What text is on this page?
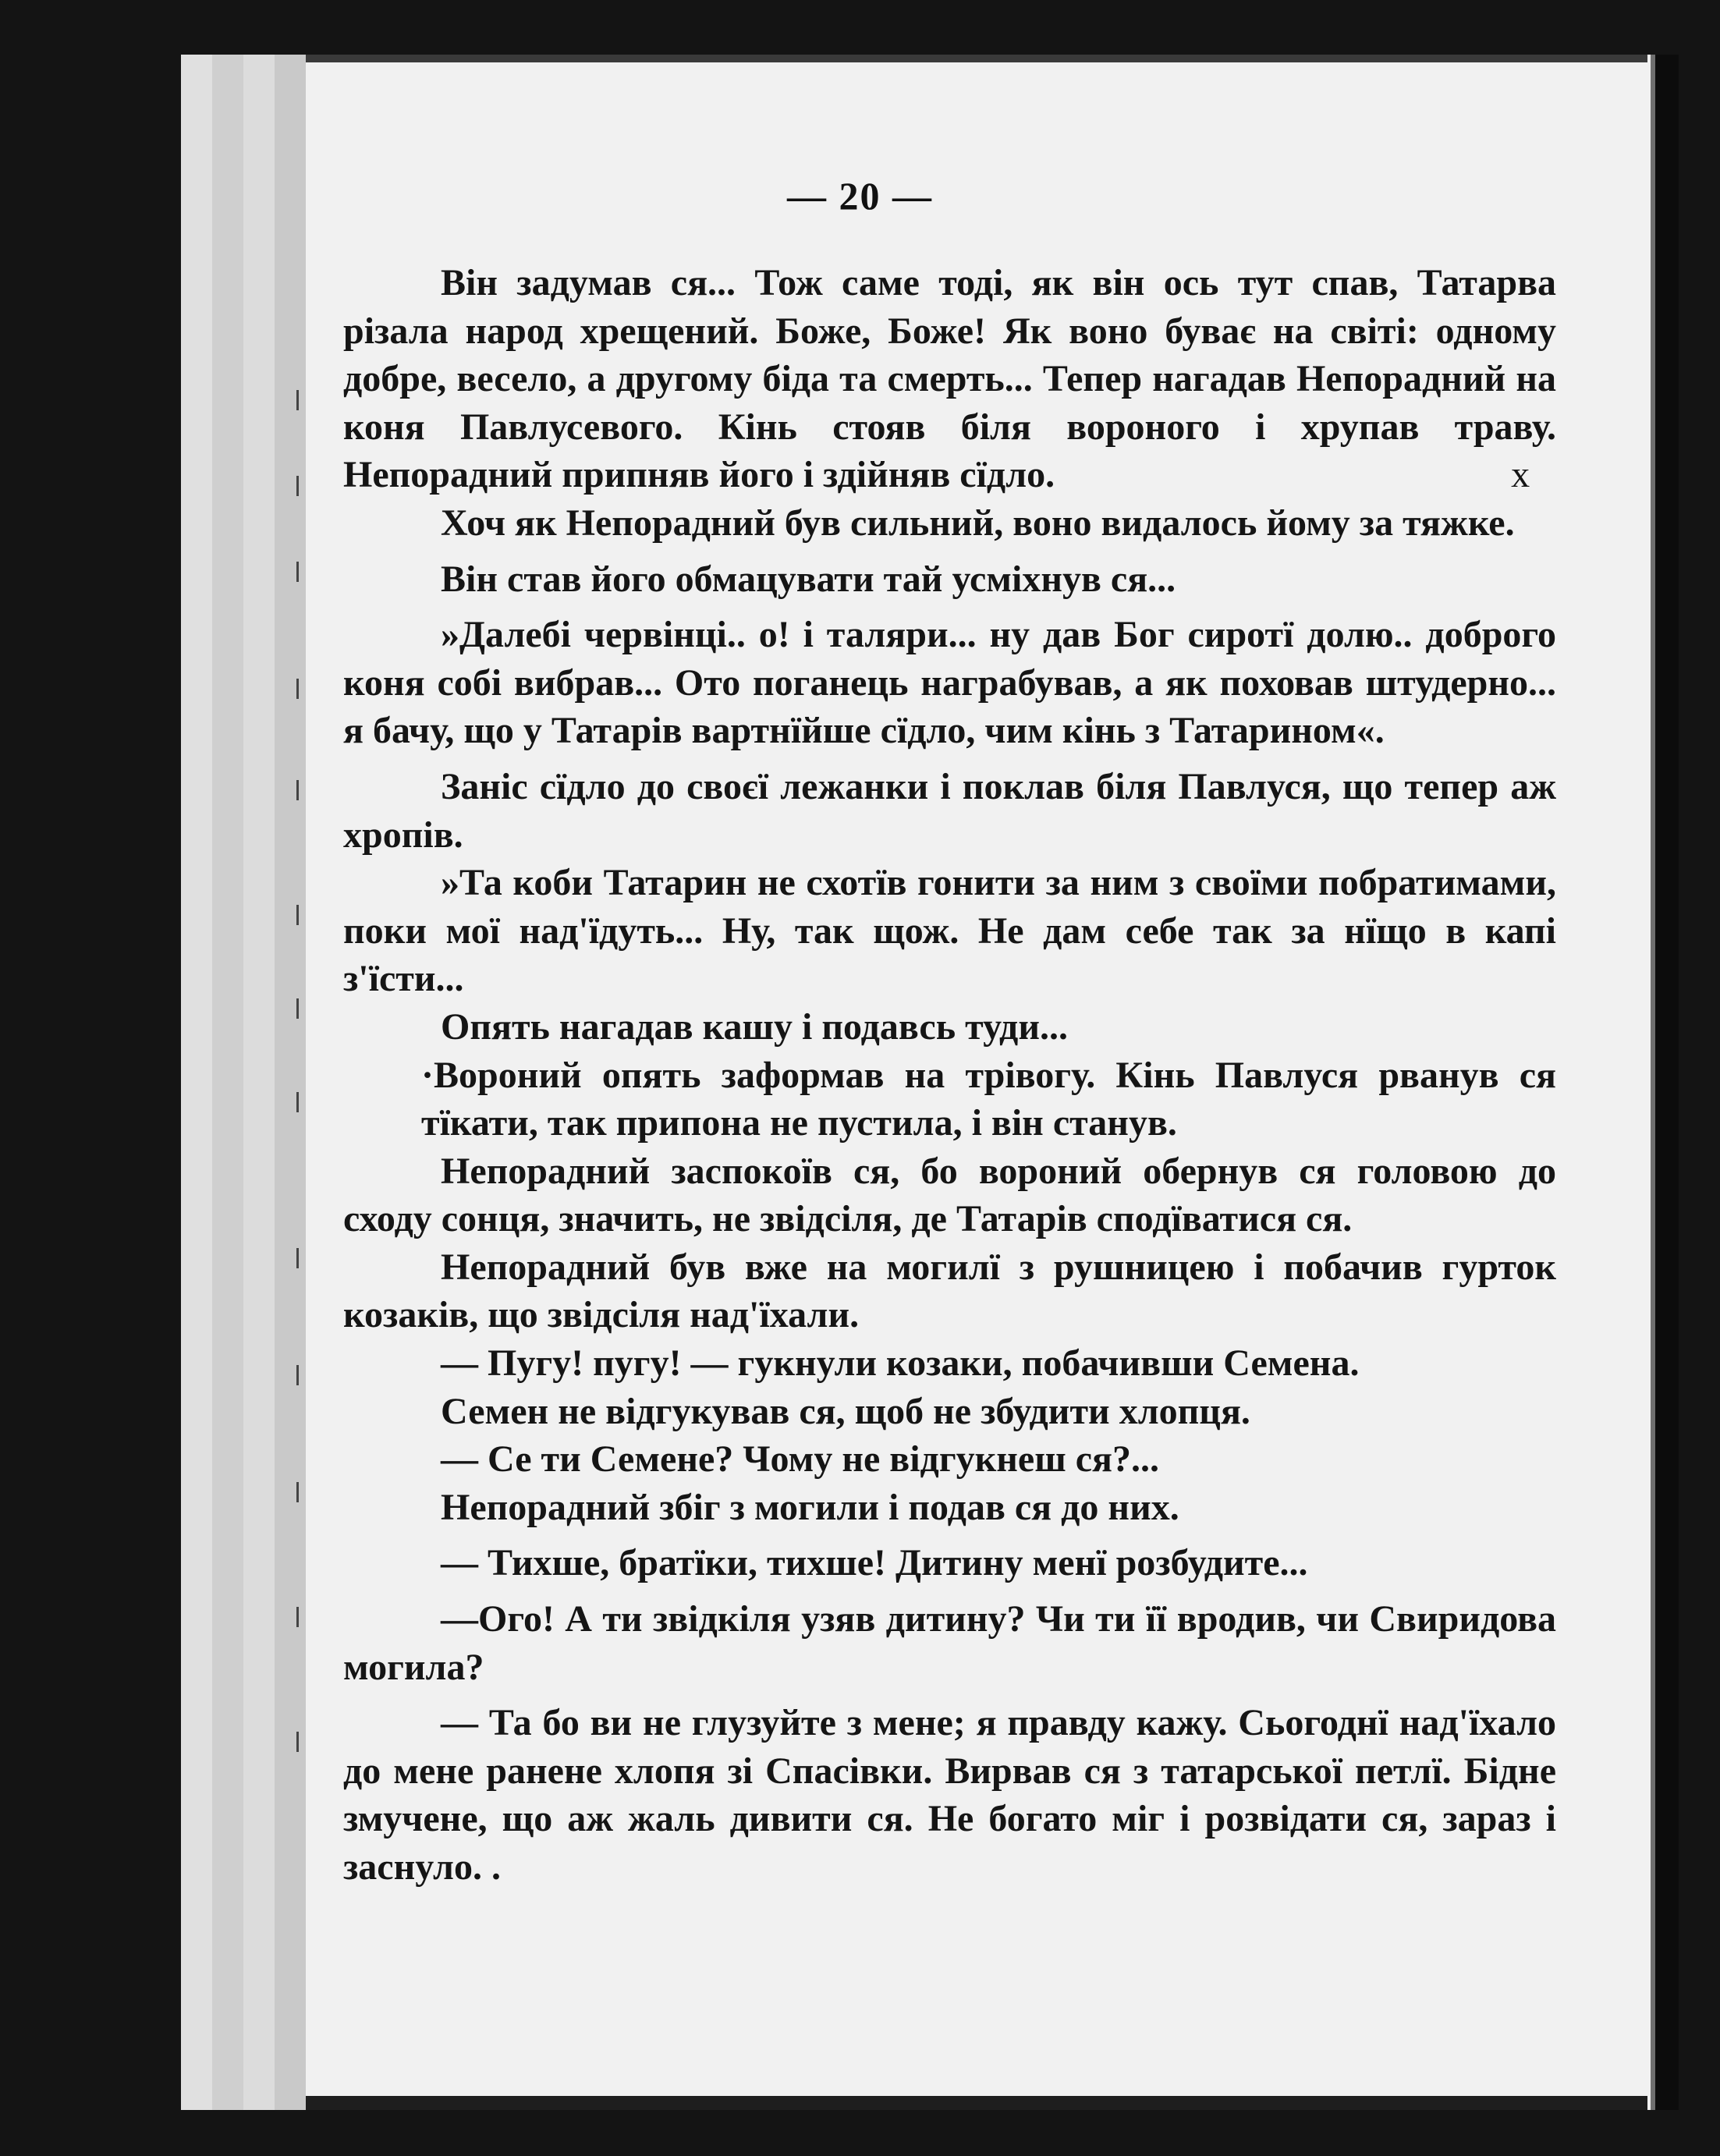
— 20 —

Він задумав ся... Тож саме тоді, як він ось тут спав, Татарва різала народ хрещений. Боже, Боже! Як воно буває на світі: одному добре, весело, а другому біда та смерть... Тепер нагадав Непорадний на коня Павлусевого. Кінь стояв біля вороного і хрупав траву. Непорадний припняв його і здійняв сїдло.	x

Хоч як Непорадний був сильний, воно видалось йому за тяжке.

Він став його обмацувати тай усміхнув ся...

»Далебі червінці.. о! і таляри... ну дав Бог сиротї долю.. доброго коня собі вибрав... Ото поганець награбував, а як поховав штудерно... я бачу, що у Татарів вартнїйше сїдло, чим кінь з Татарином«.

Заніс сїдло до своєї лежанки і поклав біля Павлуся, що тепер аж хропів.

»Та коби Татарин не схотїв гонити за ним з своїми побратимами, поки мої над'їдуть... Ну, так щож. Не дам себе так за нїщо в капі з'їсти...

Опять нагадав кашу і подавсь туди...

·Вороний опять заформав на трівогу. Кінь Павлуся рванув ся тїкати, так припона не пустила, і він станув.

Непорадний заспокоїв ся, бо вороний обернув ся головою до сходу сонця, значить, не звідсіля, де Татарів сподїватися ся.

Непорадний був вже на могилї з рушницею і побачив гурток козаків, що звідсіля над'їхали.

— Пугу! пугу! — гукнули козаки, побачивши Семена.

Семен не відгукував ся, щоб не збудити хлопця.

— Се ти Семене? Чому не відгукнеш ся?...

Непорадний збіг з могили і подав ся до них.

— Тихше, братїки, тихше! Дитину менї розбудите...

—Ого! А ти звідкіля узяв дитину? Чи ти її вродив, чи Свиридова могила?

— Та бо ви не глузуйте з мене; я правду кажу. Сьогоднї над'їхало до мене ранене хлопя зі Спасівки. Вирвав ся з татарської петлї. Бідне змучене, що аж жаль дивити ся. Не богато міг і розвідати ся, зараз і заснуло. .
